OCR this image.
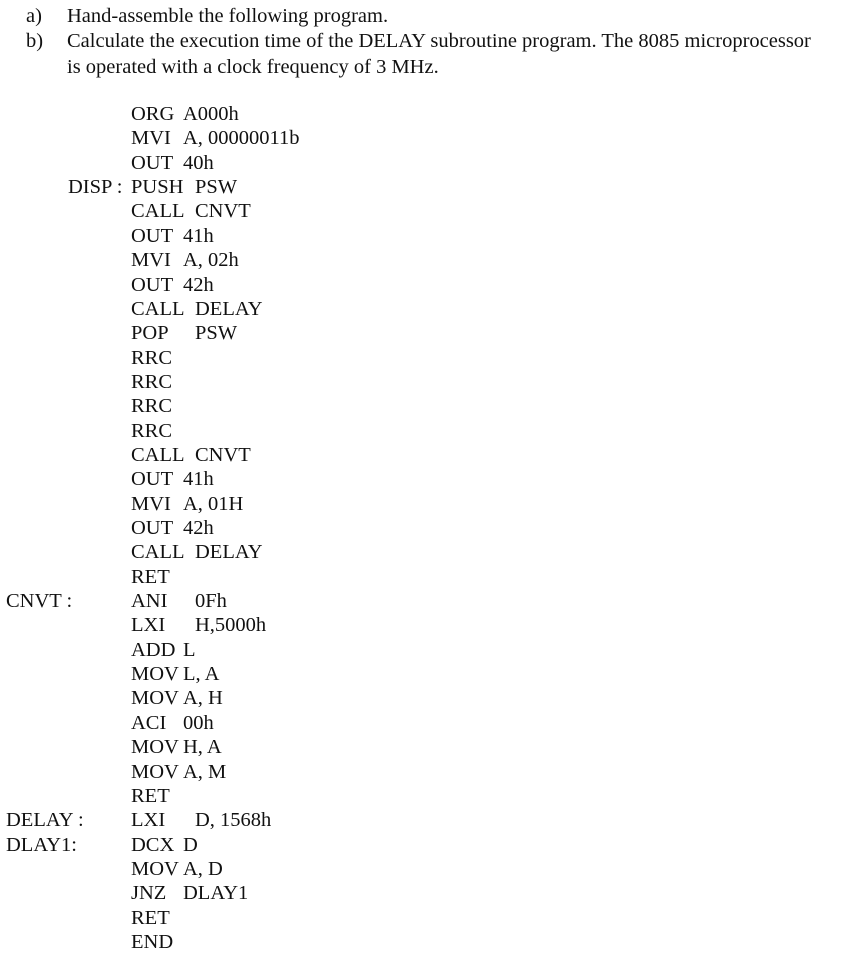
a) Hand-assemble the following program.
b) Calculate the execution time of the DELAY subroutine program. The 8085 microprocessor
is operated with a clock frequency of 3 MHz.
ORG A000h
MVI A, 00000011b
OUT 40h
DISP : PUSH PSW
CALL CNVT
OUT 41h
MVI A, 02h
OUT 42h
CALL DELAY
POP PSW
RRC
RRC
RRC
RRC
CALL CNVT
OUT 41h
MVI A, 01H
OUT 42h
CALL DELAY
RET
CNVT :	ANI 0Fh
LXI H,5000h
ADD L
MOV L, A
MOV A, H
ACI 00h
MOV H, A
MOV A, M
RET
DELAY : LXI D, 1568h
DLAY1:	DCX D
MOV A, D
JNZ DLAY1
RET
END
